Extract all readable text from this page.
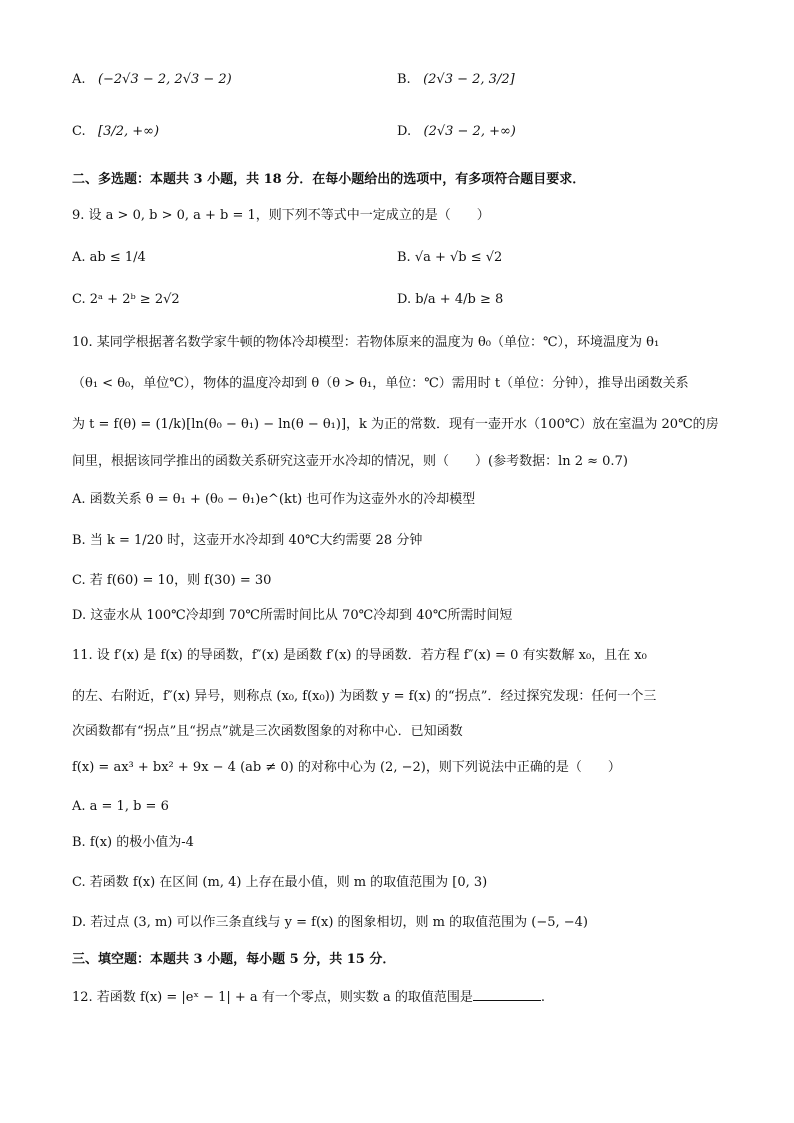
A. (−2√3 − 2, 2√3 − 2)	B. (2√3 − 2, 3/2]
C. [3/2, +∞)	D. (2√3 − 2, +∞)
二、多选题：本题共 3 小题，共 18 分．在每小题给出的选项中，有多项符合题目要求．
9. 设 a > 0, b > 0, a + b = 1，则下列不等式中一定成立的是（　　）
A. ab ≤ 1/4	B. √a + √b ≤ √2
C. 2ᵃ + 2ᵇ ≥ 2√2	D. b/a + 4/b ≥ 8
10. 某同学根据著名数学家牛顿的物体冷却模型：若物体原来的温度为 θ₀（单位：℃），环境温度为 θ₁
（θ₁ < θ₀，单位℃），物体的温度冷却到 θ（θ > θ₁，单位：℃）需用时 t（单位：分钟），推导出函数关系
为 t = f(θ) = (1/k)[ln(θ₀ − θ₁) − ln(θ − θ₁)]，k 为正的常数．现有一壶开水（100℃）放在室温为 20℃的房
间里，根据该同学推出的函数关系研究这壶开水冷却的情况，则（　　）(参考数据：ln 2 ≈ 0.7)
A. 函数关系 θ = θ₁ + (θ₀ − θ₁)e^(kt) 也可作为这壶外水的冷却模型
B. 当 k = 1/20 时，这壶开水冷却到 40℃大约需要 28 分钟
C. 若 f(60) = 10，则 f(30) = 30
D. 这壶水从 100℃冷却到 70℃所需时间比从 70℃冷却到 40℃所需时间短
11. 设 f′(x) 是 f(x) 的导函数，f″(x) 是函数 f′(x) 的导函数．若方程 f″(x) = 0 有实数解 x₀，且在 x₀
的左、右附近，f″(x) 异号，则称点 (x₀, f(x₀)) 为函数 y = f(x) 的“拐点”．经过探究发现：任何一个三
次函数都有“拐点”且“拐点”就是三次函数图象的对称中心．已知函数
f(x) = ax³ + bx² + 9x − 4 (ab ≠ 0) 的对称中心为 (2, −2)，则下列说法中正确的是（　　）
A. a = 1, b = 6
B. f(x) 的极小值为-4
C. 若函数 f(x) 在区间 (m, 4) 上存在最小值，则 m 的取值范围为 [0, 3)
D. 若过点 (3, m) 可以作三条直线与 y = f(x) 的图象相切，则 m 的取值范围为 (−5, −4)
三、填空题：本题共 3 小题，每小题 5 分，共 15 分．
12. 若函数 f(x) = |eˣ − 1| + a 有一个零点，则实数 a 的取值范围是	.
